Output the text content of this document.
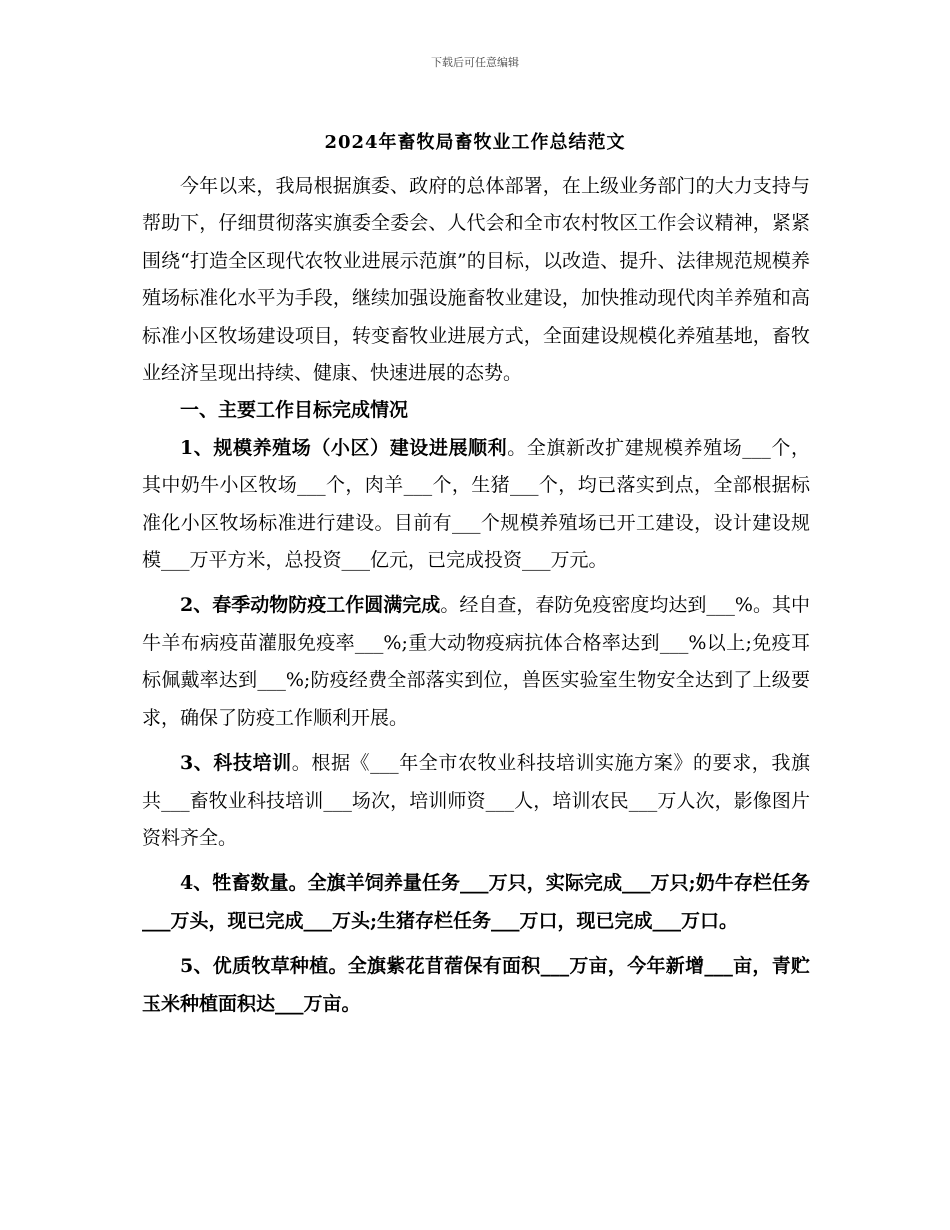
下载后可任意编辑
2024年畜牧局畜牧业工作总结范文

今年以来，我局根据旗委、政府的总体部署，在上级业务部门的大力支持与帮助下，仔细贯彻落实旗委全委会、人代会和全市农村牧区工作会议精神，紧紧围绕“打造全区现代农牧业进展示范旗”的目标，以改造、提升、法律规范规模养殖场标准化水平为手段，继续加强设施畜牧业建设，加快推动现代肉羊养殖和高标准小区牧场建设项目，转变畜牧业进展方式，全面建设规模化养殖基地，畜牧业经济呈现出持续、健康、快速进展的态势。

一、主要工作目标完成情况

1、规模养殖场（小区）建设进展顺利。全旗新改扩建规模养殖场___个，其中奶牛小区牧场___个，肉羊___个，生猪___个，均已落实到点，全部根据标准化小区牧场标准进行建设。目前有___个规模养殖场已开工建设，设计建设规模___万平方米，总投资___亿元，已完成投资___万元。

2、春季动物防疫工作圆满完成。经自查，春防免疫密度均达到___%。其中牛羊布病疫苗灌服免疫率___%;重大动物疫病抗体合格率达到___%以上;免疫耳标佩戴率达到___%;防疫经费全部落实到位，兽医实验室生物安全达到了上级要求，确保了防疫工作顺利开展。

3、科技培训。根据《___年全市农牧业科技培训实施方案》的要求，我旗共___畜牧业科技培训___场次，培训师资___人，培训农民___万人次，影像图片资料齐全。

4、牲畜数量。全旗羊饲养量任务___万只，实际完成___万只;奶牛存栏任务___万头，现已完成___万头;生猪存栏任务___万口，现已完成___万口。

5、优质牧草种植。全旗紫花苜蓿保有面积___万亩，今年新增___亩，青贮玉米种植面积达___万亩。
